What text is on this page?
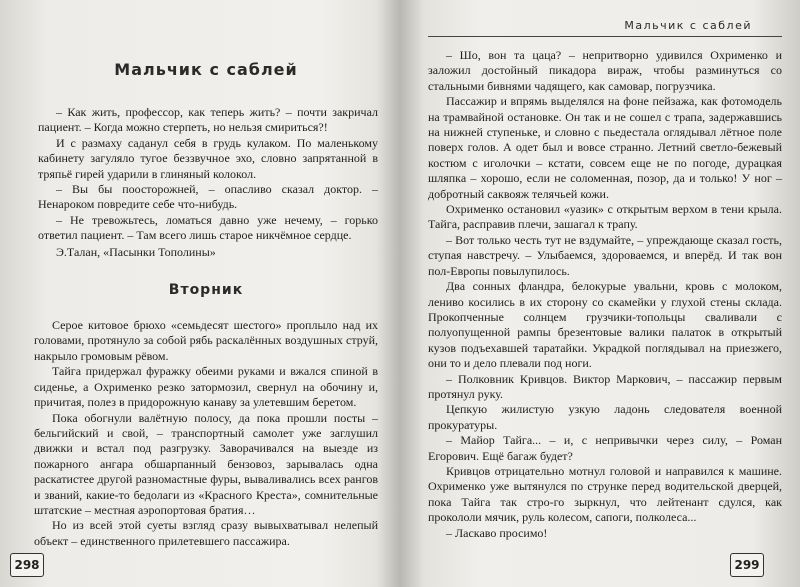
Мальчик с саблей

– Как жить, профессор, как теперь жить? – почти закричал пациент. – Когда можно стерпеть, но нельзя смириться?!

И с размаху саданул себя в грудь кулаком. По маленькому кабинету загуляло тугое беззвучное эхо, словно запрятанной в тряпьё гирей ударили в глиняный колокол.

– Вы бы поосторожней, – опасливо сказал доктор. – Ненароком повредите себе что-нибудь.

– Не тревожьтесь, ломаться давно уже нечему, – горько ответил пациент. – Там всего лишь старое никчёмное сердце.

Э.Талан, «Пасынки Тополины»

Вторник

Серое китовое брюхо «семьдесят шестого» проплыло над их головами, протянуло за собой рябь раскалённых воздушных струй, накрыло громовым рёвом.

Тайга придержал фуражку обеими руками и вжался спиной в сиденье, а Охрименко резко затормозил, свернул на обочину и, причитая, полез в придорожную канаву за улетевшим беретом.

Пока обогнули валётную полосу, да пока прошли посты – бельгийский и свой, – транспортный самолет уже заглушил движки и встал под разгрузку. Заворачивался на выезде из пожарного ангара обшарпанный бензовоз, зарывалась одна раскатистее другой разномастные фуры, вываливались всех рангов и званий, какие-то бедолаги из «Красного Креста», сомнительные штатские – местная аэропортовая братия…

Но из всей этой суеты взгляд сразу вывыхватывал нелепый объект – единственного прилетевшего пассажира.

298
Мальчик с саблей

– Шо, вон та цаца? – непритворно удивился Охрименко и заложил достойный пикадора вираж, чтобы разминуться со стальными бивнями чадящего, как самовар, погрузчика.

Пассажир и впрямь выделялся на фоне пейзажа, как фотомодель на трамвайной остановке. Он так и не сошел с трапа, задержавшись на нижней ступеньке, и словно с пьедестала оглядывал лётное поле поверх голов. А одет был и вовсе странно. Летний светло-бежевый костюм с иголочки – кстати, совсем еще не по погоде, дурацкая шляпка – хорошо, если не соломенная, позор, да и только! У ног – добротный саквояж телячьей кожи.

Охрименко остановил «уазик» с открытым верхом в тени крыла. Тайга, расправив плечи, зашагал к трапу.

– Вот только честь тут не вздумайте, – упреждающе сказал гость, ступая навстречу. – Улыбаемся, здороваемся, и вперёд. И так вон пол-Европы повылупилось.

Два сонных фландра, белокурые увальни, кровь с молоком, лениво косились в их сторону со скамейки у глухой стены склада. Прокопченные солнцем грузчики-топольцы сваливали с полуопущенной рампы брезентовые валики палаток в открытый кузов подъехавшей таратайки. Украдкой поглядывал на приезжего, они то и дело плевали под ноги.

– Полковник Кривцов. Виктор Маркович, – пассажир первым протянул руку.

Цепкую жилистую узкую ладонь следователя военной прокуратуры.

– Майор Тайга... – и, с непривычки через силу, – Роман Егорович. Ещё багаж будет?

Кривцов отрицательно мотнул головой и направился к машине. Охрименко уже вытянулся по струнке перед водительской дверцей, пока Тайга так стро-го зыркнул, что лейтенант сдулся, как прокололи мячик, руль колесом, сапоги, полколеса...

– Ласкаво просимо!

299
